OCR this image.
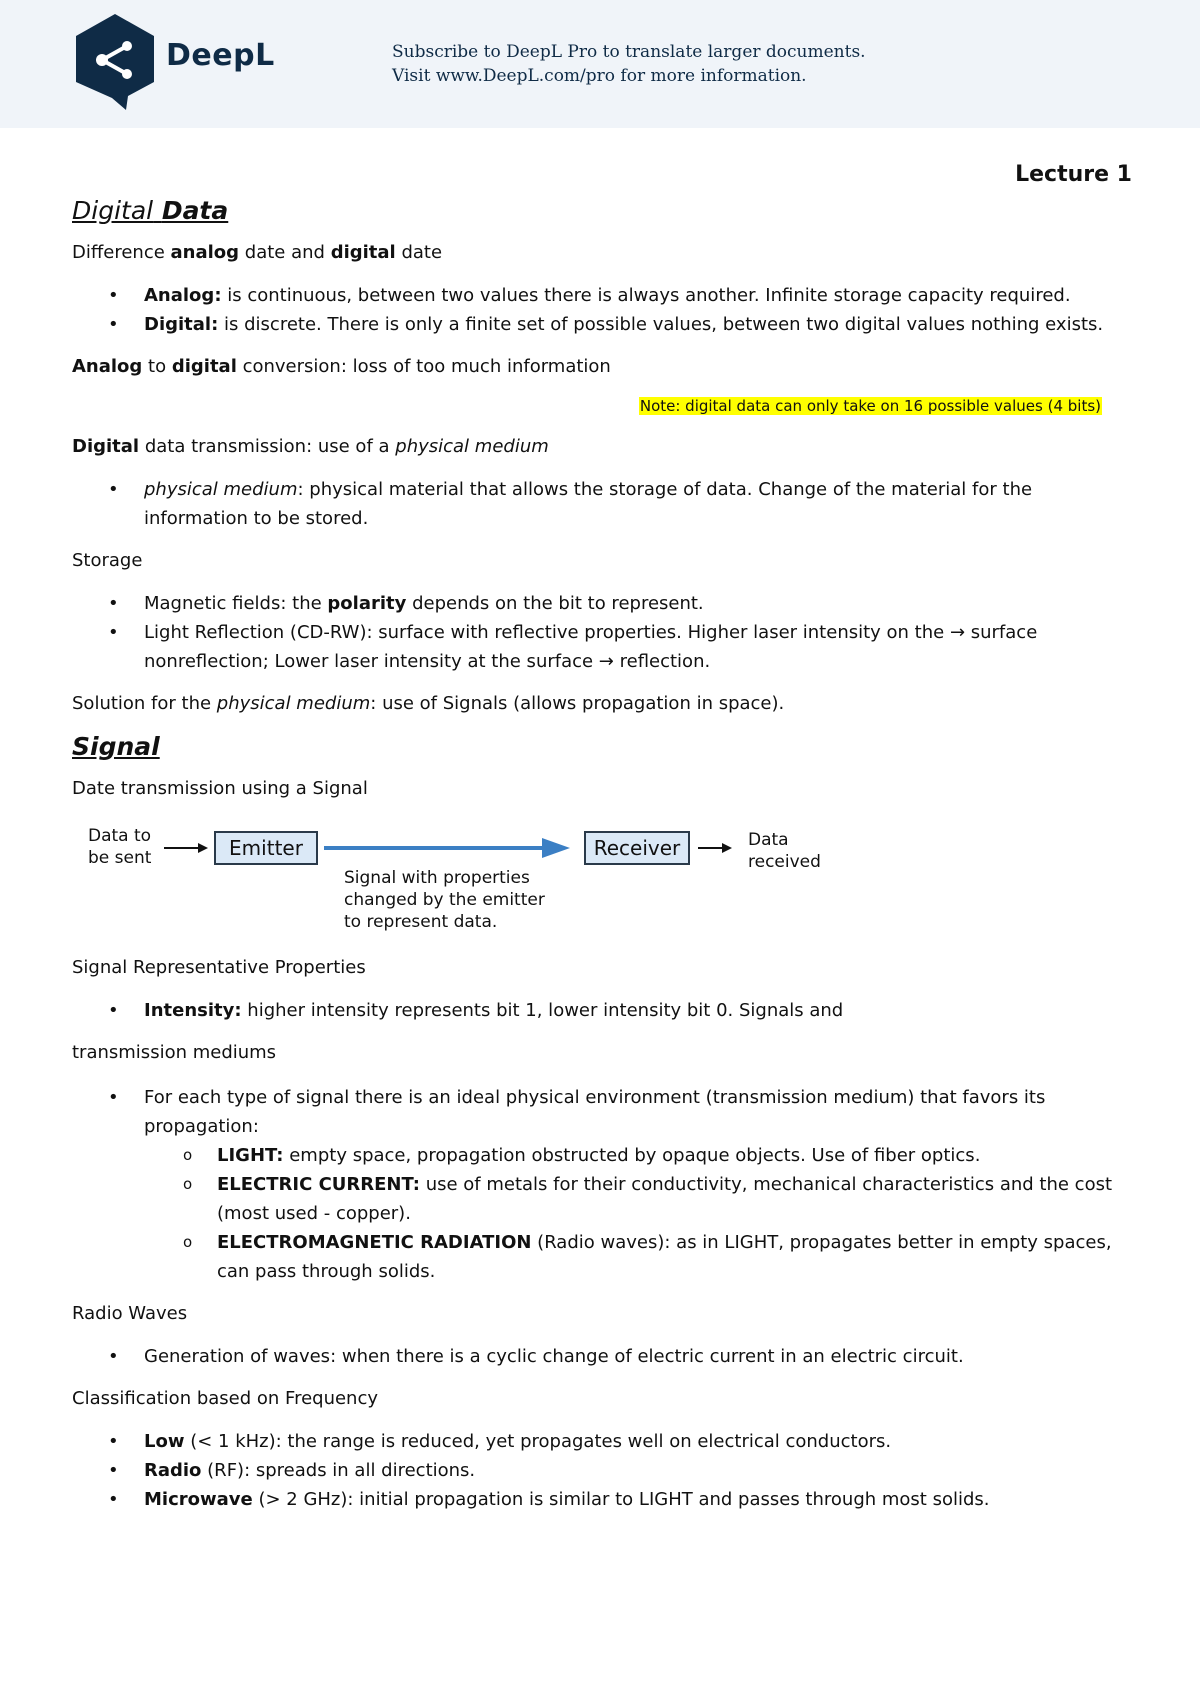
DeepL	Subscribe to DeepL Pro to translate larger documents.
Visit www.DeepL.com/pro for more information.
Lecture 1
Digital Data

Difference analog date and digital date

• Analog: is continuous, between two values there is always another. Infinite storage capacity required.
• Digital: is discrete. There is only a finite set of possible values, between two digital values nothing exists.

Analog to digital conversion: loss of too much information

Note: digital data can only take on 16 possible values (4 bits)

Digital data transmission: use of a physical medium

• physical medium: physical material that allows the storage of data. Change of the material for the information to be stored.

Storage

• Magnetic fields: the polarity depends on the bit to represent.
• Light Reflection (CD-RW): surface with reflective properties. Higher laser intensity on the → surface nonreflection; Lower laser intensity at the surface → reflection.

Solution for the physical medium: use of Signals (allows propagation in space).

Signal

Date transmission using a Signal

Data to
be sent	Emitter
Signal with properties
changed by the emitter
to represent data.
Receiver	Data
received

Signal Representative Properties

• Intensity: higher intensity represents bit 1, lower intensity bit 0. Signals and

transmission mediums

• For each type of signal there is an ideal physical environment (transmission medium) that favors its propagation:
o LIGHT: empty space, propagation obstructed by opaque objects. Use of fiber optics.
o ELECTRIC CURRENT: use of metals for their conductivity, mechanical characteristics and the cost (most used - copper).
o ELECTROMAGNETIC RADIATION (Radio waves): as in LIGHT, propagates better in empty spaces, can pass through solids.

Radio Waves

• Generation of waves: when there is a cyclic change of electric current in an electric circuit.

Classification based on Frequency

• Low (< 1 kHz): the range is reduced, yet propagates well on electrical conductors.
• Radio (RF): spreads in all directions.
• Microwave (> 2 GHz): initial propagation is similar to LIGHT and passes through most solids.
